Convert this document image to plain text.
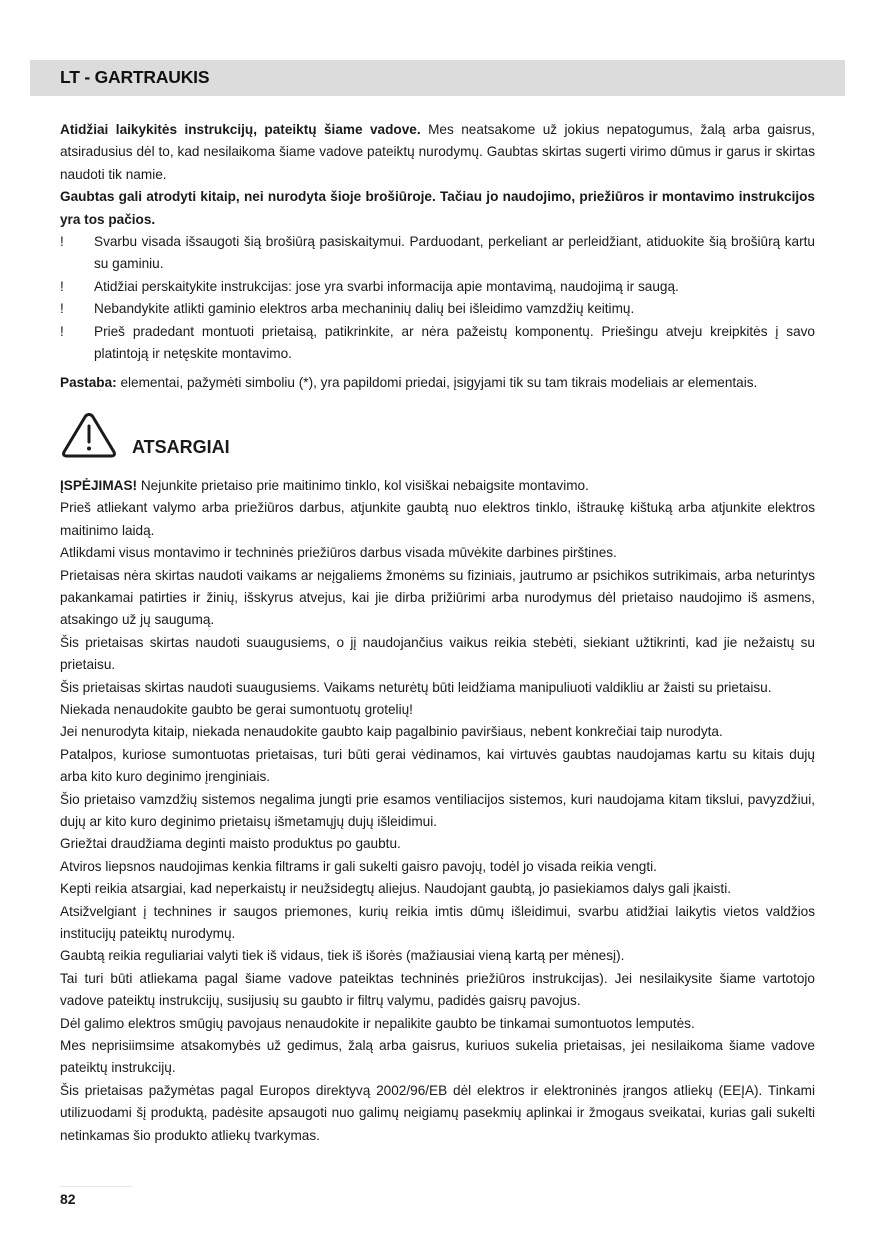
LT - GARTRAUKIS

Atidžiai laikykitės instrukcijų, pateiktų šiame vadove. Mes neatsakome už jokius nepatogumus, žalą arba gaisrus, atsiradusius dėl to, kad nesilaikoma šiame vadove pateiktų nurodymų. Gaubtas skirtas sugerti virimo dūmus ir garus ir skirtas naudoti tik namie.

Gaubtas gali atrodyti kitaip, nei nurodyta šioje brošiūroje. Tačiau jo naudojimo, priežiūros ir montavimo instrukcijos yra tos pačios.

! Svarbu visada išsaugoti šią brošiūrą pasiskaitymui. Parduodant, perkeliant ar perleidžiant, atiduokite šią brošiūrą kartu su gaminiu.
! Atidžiai perskaitykite instrukcijas: jose yra svarbi informacija apie montavimą, naudojimą ir saugą.
! Nebandykite atlikti gaminio elektros arba mechaninių dalių bei išleidimo vamzdžių keitimų.
! Prieš pradedant montuoti prietaisą, patikrinkite, ar nėra pažeistų komponentų. Priešingu atveju kreipkitės į savo platintoją ir netęskite montavimo.

Pastaba: elementai, pažymėti simboliu (*), yra papildomi priedai, įsigyjami tik su tam tikrais modeliais ar elementais.

ATSARGIAI

ĮSPĖJIMAS! Nejunkite prietaiso prie maitinimo tinklo, kol visiškai nebaigsite montavimo.

Prieš atliekant valymo arba priežiūros darbus, atjunkite gaubtą nuo elektros tinklo, ištraukę kištuką arba atjunkite elektros maitinimo laidą.

Atlikdami visus montavimo ir techninės priežiūros darbus visada mūvėkite darbines pirštines.

Prietaisas nėra skirtas naudoti vaikams ar neįgaliems žmonėms su fiziniais, jautrumo ar psichikos sutrikimais, arba neturintys pakankamai patirties ir žinių, išskyrus atvejus, kai jie dirba prižiūrimi arba nurodymus dėl prietaiso naudojimo iš asmens, atsakingo už jų saugumą.

Šis prietaisas skirtas naudoti suaugusiems, o jį naudojančius vaikus reikia stebėti, siekiant užtikrinti, kad jie nežaistų su prietaisu.

Šis prietaisas skirtas naudoti suaugusiems. Vaikams neturėtų būti leidžiama manipuliuoti valdikliu ar žaisti su prietaisu.

Niekada nenaudokite gaubto be gerai sumontuotų grotelių!

Jei nenurodyta kitaip, niekada nenaudokite gaubto kaip pagalbinio paviršiaus, nebent konkrečiai taip nurodyta.

Patalpos, kuriose sumontuotas prietaisas, turi būti gerai vėdinamos, kai virtuvės gaubtas naudojamas kartu su kitais dujų arba kito kuro deginimo įrenginiais.

Šio prietaiso vamzdžių sistemos negalima jungti prie esamos ventiliacijos sistemos, kuri naudojama kitam tikslui, pavyzdžiui, dujų ar kito kuro deginimo prietaisų išmetamųjų dujų išleidimui.

Griežtai draudžiama deginti maisto produktus po gaubtu.

Atviros liepsnos naudojimas kenkia filtrams ir gali sukelti gaisro pavojų, todėl jo visada reikia vengti.

Kepti reikia atsargiai, kad neperkaistų ir neužsidegtų aliejus. Naudojant gaubtą, jo pasiekiamos dalys gali įkaisti.

Atsižvelgiant į technines ir saugos priemones, kurių reikia imtis dūmų išleidimui, svarbu atidžiai laikytis vietos valdžios institucijų pateiktų nurodymų.

Gaubtą reikia reguliariai valyti tiek iš vidaus, tiek iš išorės (mažiausiai vieną kartą per mėnesį).

Tai turi būti atliekama pagal šiame vadove pateiktas techninės priežiūros instrukcijas). Jei nesilaikysite šiame vartotojo vadove pateiktų instrukcijų, susijusių su gaubto ir filtrų valymu, padidės gaisrų pavojus.

Dėl galimo elektros smūgių pavojaus nenaudokite ir nepalikite gaubto be tinkamai sumontuotos lemputės.

Mes neprisiimsime atsakomybės už gedimus, žalą arba gaisrus, kuriuos sukelia prietaisas, jei nesilaikoma šiame vadove pateiktų instrukcijų.

Šis prietaisas pažymėtas pagal Europos direktyvą 2002/96/EB dėl elektros ir elektroninės įrangos atliekų (EEĮA). Tinkami utilizuodami šį produktą, padėsite apsaugoti nuo galimų neigiamų pasekmių aplinkai ir žmogaus sveikatai, kurias gali sukelti netinkamas šio produkto atliekų tvarkymas.

82
